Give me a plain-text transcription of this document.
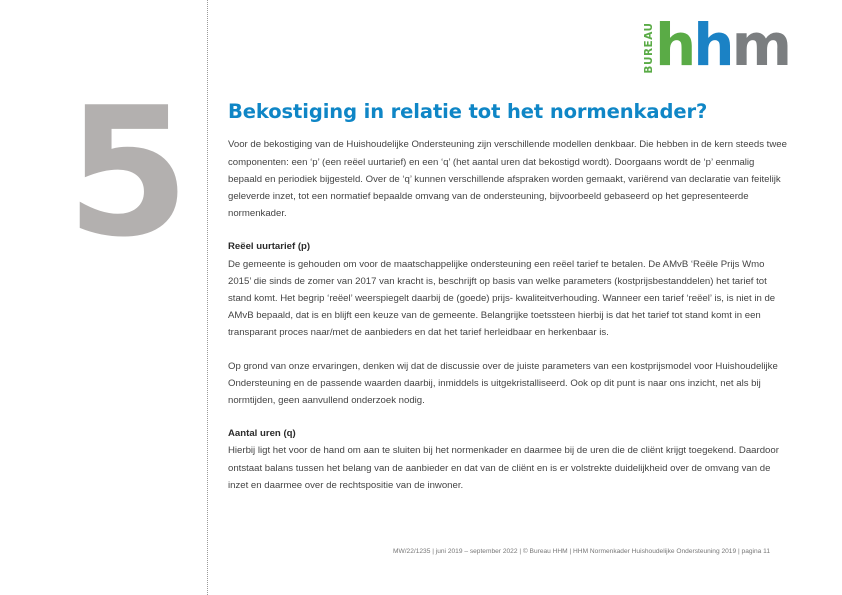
5
BUREAU hhm
Bekostiging in relatie tot het normenkader?

Voor de bekostiging van de Huishoudelijke Ondersteuning zijn verschillende modellen denkbaar. Die hebben in de kern steeds twee componenten: een ‘p’ (een reëel uurtarief) en een ‘q’ (het aantal uren dat bekostigd wordt). Doorgaans wordt de ‘p’ eenmalig bepaald en periodiek bijgesteld. Over de ‘q’ kunnen verschillende afspraken worden gemaakt, variërend van declaratie van feitelijk geleverde inzet, tot een normatief bepaalde omvang van de ondersteuning, bijvoorbeeld gebaseerd op het gepresenteerde normenkader.

Reëel uurtarief (p)

De gemeente is gehouden om voor de maatschappelijke ondersteuning een reëel tarief te betalen. De AMvB ‘Reële Prijs Wmo 2015’ die sinds de zomer van 2017 van kracht is, beschrijft op basis van welke parameters (kostprijsbestanddelen) het tarief tot stand komt. Het begrip ‘reëel’ weerspiegelt daarbij de (goede) prijs- kwaliteitverhouding. Wanneer een tarief ‘reëel’ is, is niet in de AMvB bepaald, dat is en blijft een keuze van de gemeente. Belangrijke toetssteen hierbij is dat het tarief tot stand komt in een transparant proces naar/met de aanbieders en dat het tarief herleidbaar en herkenbaar is.

Op grond van onze ervaringen, denken wij dat de discussie over de juiste parameters van een kostprijsmodel voor Huishoudelijke Ondersteuning en de passende waarden daarbij, inmiddels is uitgekristalliseerd. Ook op dit punt is naar ons inzicht, net als bij normtijden, geen aanvullend onderzoek nodig.

Aantal uren (q)

Hierbij ligt het voor de hand om aan te sluiten bij het normenkader en daarmee bij de uren die de cliënt krijgt toegekend. Daardoor ontstaat balans tussen het belang van de aanbieder en dat van de cliënt en is er volstrekte duidelijkheid over de omvang van de inzet en daarmee over de rechtspositie van de inwoner.

MW/22/1235 | juni 2019 – september 2022 | © Bureau HHM | HHM Normenkader Huishoudelijke Ondersteuning 2019 | pagina 11
